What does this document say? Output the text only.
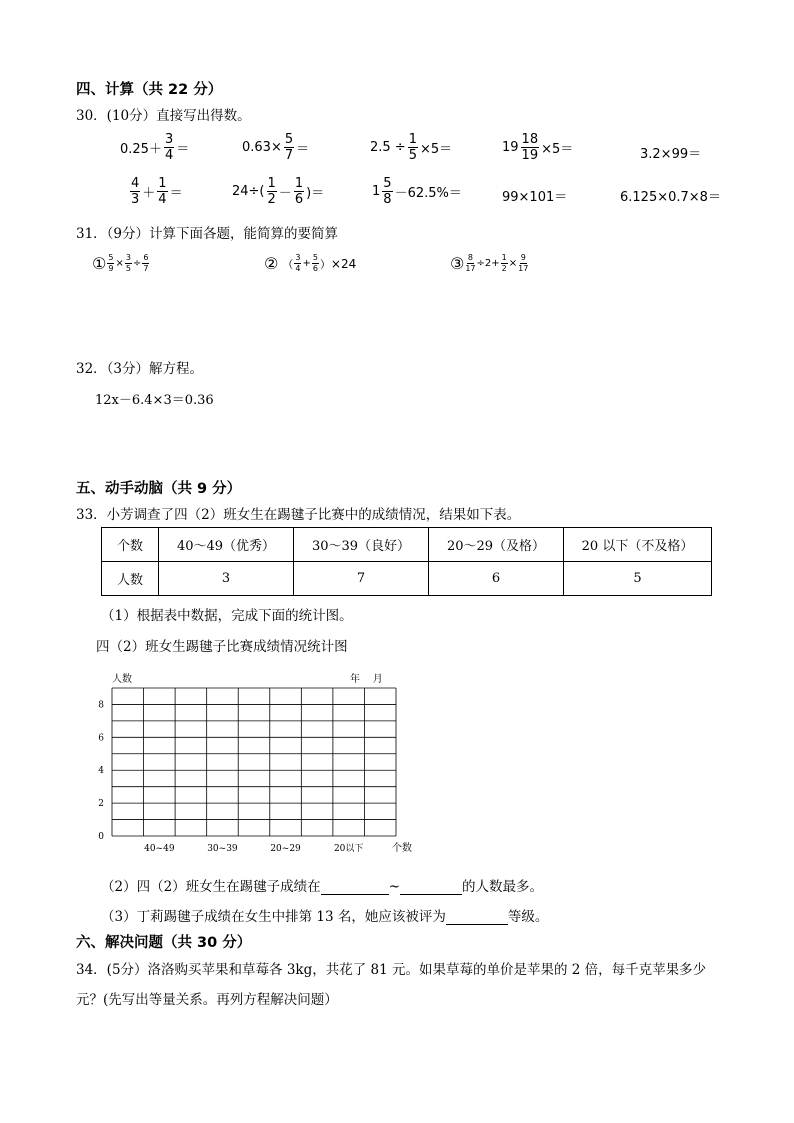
四、计算（共 22 分）
30．(10分）直接写出得数。
$0.25+ \frac{3}{4}$ ＝	$0.63\times \frac{5}{7}$ ＝	$2.5 \div \frac{1}{5} \times 5=$	$19 \frac{18}{19} \times 5=$	3.2×99＝
$\frac{4}{3} + \frac{1}{4}$ ＝	$24\div( \frac{1}{2} - \frac{1}{6}$ )＝	$1 \frac{5}{8} -62.5\%=$	99×101＝	6.125×0.7×8＝
31．（9分）计算下面各题，能简算的要简算
① $\frac{5}{9} \times \frac{3}{5} \div \frac{6}{7}$	② （ $\frac{3}{4} + \frac{5}{6}$ ） ×24	③ $\frac{8}{17} \div 2+ \frac{1}{2} \times \frac{9}{17}$
32．（3分）解方程。
12x－6.4×3＝0.36
五、动手动脑（共 9 分）
33．小芳调查了四（2）班女生在踢毽子比赛中的成绩情况，结果如下表。
个数	40～49（优秀）	30～39（良好）	20～29（及格）	20 以下（不及格）
人数	3	7	6	5
（1）根据表中数据，完成下面的统计图。
四（2）班女生踢毽子比赛成绩情况统计图
0
2
4
6
8
40~49	30~39	20~29	20以下
人数	年    月
个数
（2）四（2）班女生在踢毽子成绩在	~	的人数最多。
（3）丁莉踢毽子成绩在女生中排第 13 名，她应该被评为	等级。
六、解决问题（共 30 分）
34．(5分）洛洛购买苹果和草莓各 3kg，共花了 81 元。如果草莓的单价是苹果的 2 倍，每千克苹果多少
元？(先写出等量关系。再列方程解决问题）
